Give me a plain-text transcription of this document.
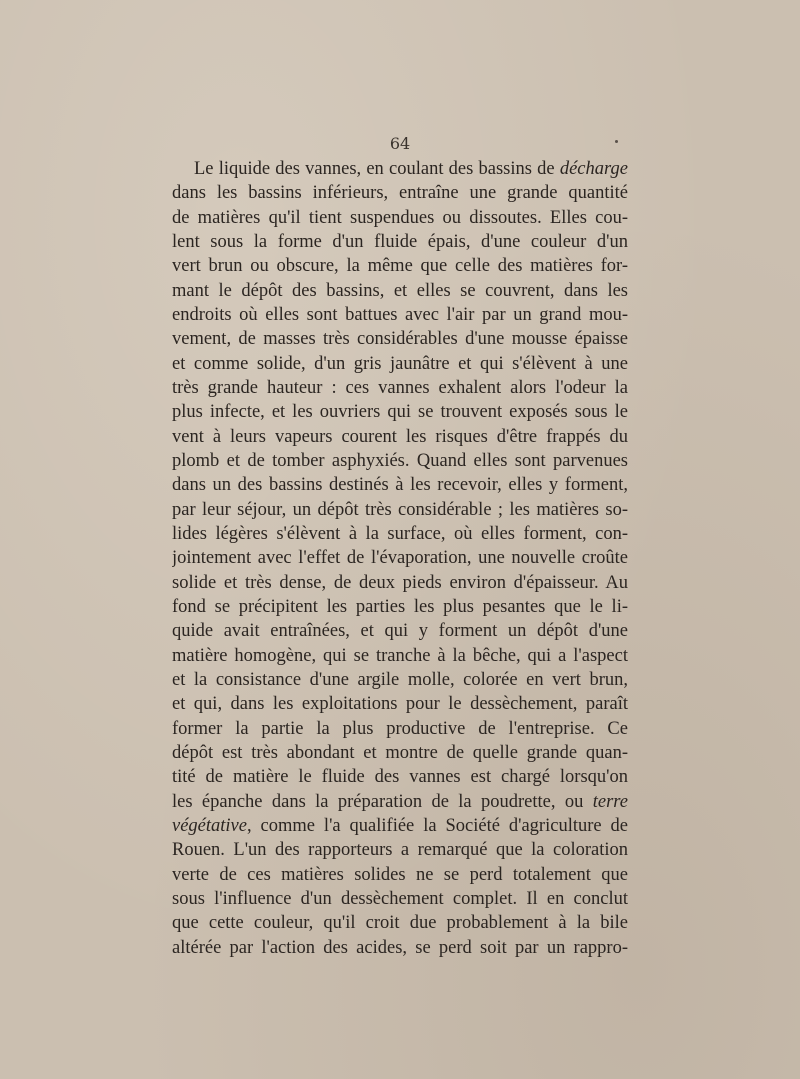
64
Le liquide des vannes, en coulant des bassins de décharge
dans les bassins inférieurs, entraîne une grande quantité
de matières qu'il tient suspendues ou dissoutes. Elles cou-
lent sous la forme d'un fluide épais, d'une couleur d'un
vert brun ou obscure, la même que celle des matières for-
mant le dépôt des bassins, et elles se couvrent, dans les
endroits où elles sont battues avec l'air par un grand mou-
vement, de masses très considérables d'une mousse épaisse
et comme solide, d'un gris jaunâtre et qui s'élèvent à une
très grande hauteur : ces vannes exhalent alors l'odeur la
plus infecte, et les ouvriers qui se trouvent exposés sous le
vent à leurs vapeurs courent les risques d'être frappés du
plomb et de tomber asphyxiés. Quand elles sont parvenues
dans un des bassins destinés à les recevoir, elles y forment,
par leur séjour, un dépôt très considérable ; les matières so-
lides légères s'élèvent à la surface, où elles forment, con-
jointement avec l'effet de l'évaporation, une nouvelle croûte
solide et très dense, de deux pieds environ d'épaisseur. Au
fond se précipitent les parties les plus pesantes que le li-
quide avait entraînées, et qui y forment un dépôt d'une
matière homogène, qui se tranche à la bêche, qui a l'aspect
et la consistance d'une argile molle, colorée en vert brun,
et qui, dans les exploitations pour le dessèchement, paraît
former la partie la plus productive de l'entreprise. Ce
dépôt est très abondant et montre de quelle grande quan-
tité de matière le fluide des vannes est chargé lorsqu'on
les épanche dans la préparation de la poudrette, ou terre
végétative, comme l'a qualifiée la Société d'agriculture de
Rouen. L'un des rapporteurs a remarqué que la coloration
verte de ces matières solides ne se perd totalement que
sous l'influence d'un dessèchement complet. Il en conclut
que cette couleur, qu'il croit due probablement à la bile
altérée par l'action des acides, se perd soit par un rappro-
